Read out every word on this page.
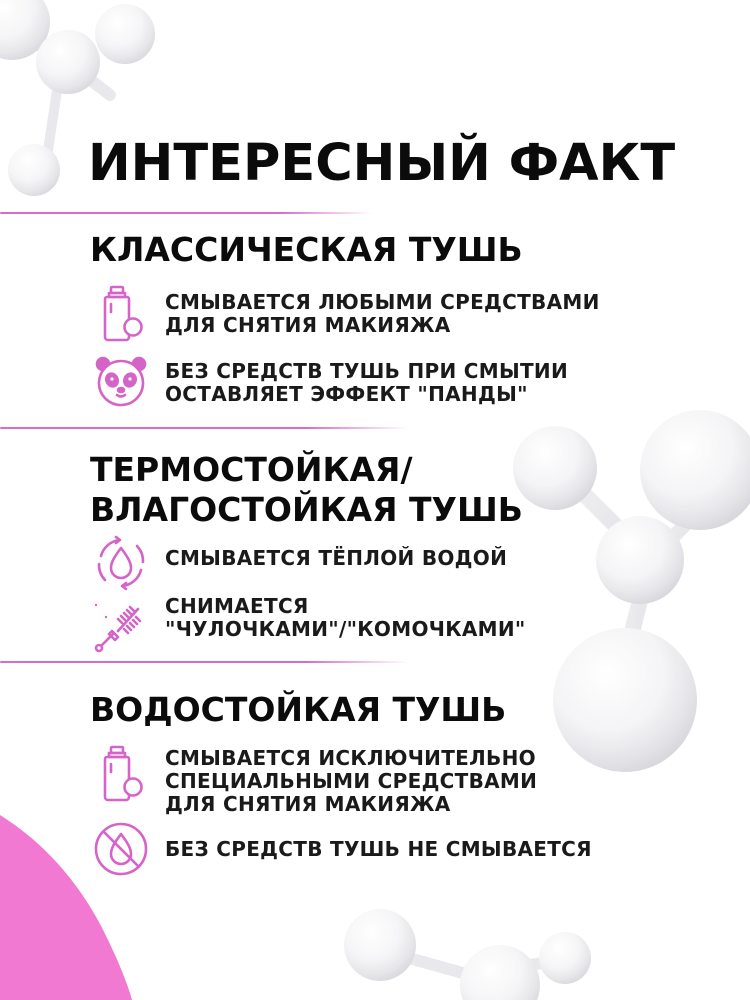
ИНТЕРЕСНЫЙ ФАКТ
КЛАССИЧЕСКАЯ ТУШЬ

СМЫВАЕТСЯ ЛЮБЫМИ СРЕДСТВАМИ
ДЛЯ СНЯТИЯ МАКИЯЖА

БЕЗ СРЕДСТВ ТУШЬ ПРИ СМЫТИИ
ОСТАВЛЯЕТ ЭФФЕКТ "ПАНДЫ"

ТЕРМОСТОЙКАЯ/
ВЛАГОСТОЙКАЯ ТУШЬ

СМЫВАЕТСЯ ТЁПЛОЙ ВОДОЙ

СНИМАЕТСЯ
"ЧУЛОЧКАМИ"/"КОМОЧКАМИ"

ВОДОСТОЙКАЯ ТУШЬ

СМЫВАЕТСЯ ИСКЛЮЧИТЕЛЬНО
СПЕЦИАЛЬНЫМИ СРЕДСТВАМИ
ДЛЯ СНЯТИЯ МАКИЯЖА

БЕЗ СРЕДСТВ ТУШЬ НЕ СМЫВАЕТСЯ
